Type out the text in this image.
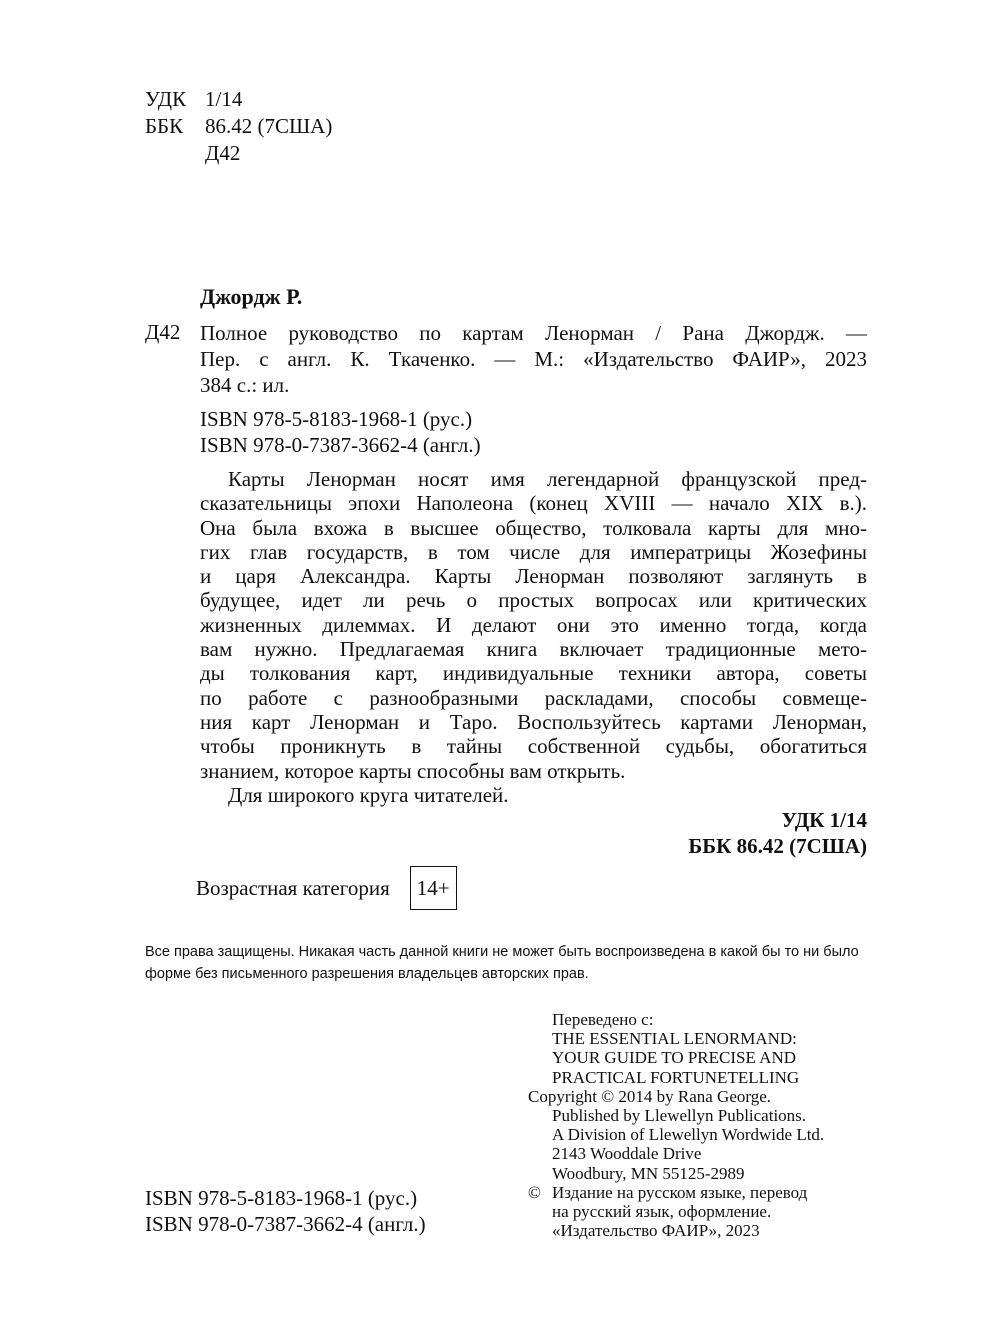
УДК 1/14
ББК	86.42 (7США)
Д42
Джордж Р.
Д42 Полное руководство по картам Ленорман / Рана Джордж. —
Пер. с англ. К. Ткаченко. — М.: «Издательство ФАИР», 2023
384 с.: ил.
ISBN 978-5-8183-1968-1 (рус.)
ISBN 978-0-7387-3662-4 (англ.)
Карты Ленорман носят имя легендарной французской пред-
сказательницы эпохи Наполеона (конец XVIII — начало XIX в.).
Она была вхожа в высшее общество, толковала карты для мно-
гих глав государств, в том числе для императрицы Жозефины
и царя Александра. Карты Ленорман позволяют заглянуть в
будущее, идет ли речь о простых вопросах или критических
жизненных дилеммах. И делают они это именно тогда, когда
вам нужно. Предлагаемая книга включает традиционные мето-
ды толкования карт, индивидуальные техники автора, советы
по работе с разнообразными раскладами, способы совмеще-
ния карт Ленорман и Таро. Воспользуйтесь картами Ленорман,
чтобы проникнуть в тайны собственной судьбы, обогатиться
знанием, которое карты способны вам открыть.
Для широкого круга читателей.
УДК 1/14
ББК 86.42 (7США)
Возрастная категория	14+
Все права защищены. Никакая часть данной книги не может быть воспроизведена в какой бы то ни было форме без письменного разрешения владельцев авторских прав.
Переведено с:
THE ESSENTIAL LENORMAND:
YOUR GUIDE TO PRECISE AND
PRACTICAL FORTUNETELLING
Copyright © 2014 by Rana George.
Published by Llewellyn Publications.
A Division of Llewellyn Wordwide Ltd.
2143 Wooddale Drive
Woodbury, MN 55125-2989
© Издание на русском языке, перевод
на русский язык, оформление.
«Издательство ФАИР», 2023
ISBN 978-5-8183-1968-1 (рус.)
ISBN 978-0-7387-3662-4 (англ.)
